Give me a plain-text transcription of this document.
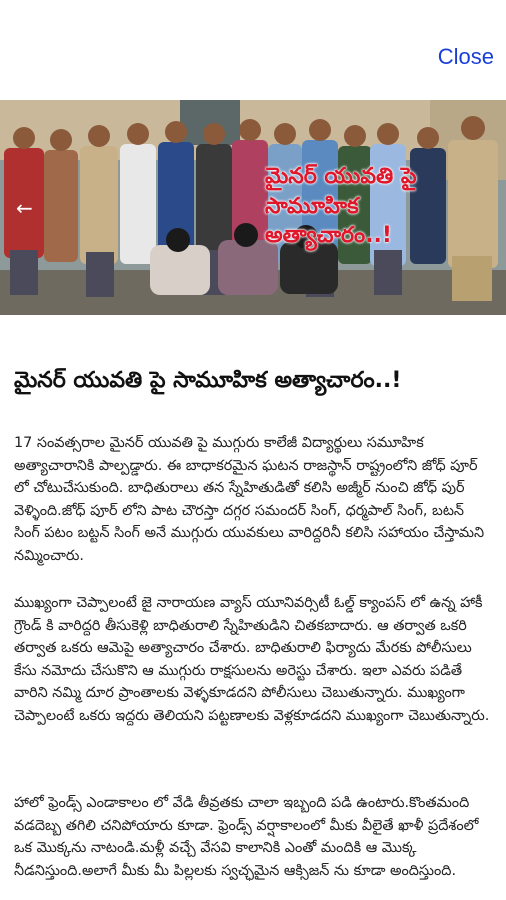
Close
←
మైనర్ యువతి పై సామూహిక అత్యాచారం..!
మైనర్ యువతి పై సామూహిక అత్యాచారం..!
17 సంవత్సరాల మైనర్ యువతి పై ముగ్గురు కాలేజీ విద్యార్థులు సమూహిక అత్యాచారానికి పాల్పడ్డారు. ఈ బాధాకరమైన ఘటన రాజస్థాన్ రాష్ట్రంలోని జోధ్ పూర్ లో చోటుచేసుకుంది. బాధితురాలు తన స్నేహితుడితో కలిసి అజ్మీర్ నుంచి జోధ్ పుర్ వెళ్ళింది.జోధ్ పూర్ లోని పాట చౌరస్తా దగ్గర సమందర్ సింగ్, ధర్మపాల్ సింగ్, బటన్ సింగ్ పటం బట్టన్ సింగ్ అనే ముగ్గురు యువకులు వారిద్దరినీ కలిసి సహాయం చేస్తామని నమ్మించారు.
ముఖ్యంగా చెప్పాలంటే జై నారాయణ వ్యాస్ యూనివర్సిటీ ఓల్డ్ క్యాంపస్ లో ఉన్న హాకీ గ్రౌండ్ కి వారిద్దరి తీసుకెళ్లి బాధితురాలి స్నేహితుడిని చితకబాదారు. ఆ తర్వాత ఒకరి తర్వాత ఒకరు ఆమెపై అత్యాచారం చేశారు. బాధితురాలి ఫిర్యాదు మేరకు పోలీసులు కేసు నమోదు చేసుకొని ఆ ముగ్గురు రాక్షసులను అరెస్టు చేశారు. ఇలా ఎవరు పడితే వారిని నమ్మి దూర ప్రాంతాలకు వెళ్ళకూడదని పోలీసులు చెబుతున్నారు. ముఖ్యంగా చెప్పాలంటే ఒకరు ఇద్దరు తెలియని పట్టణాలకు వెళ్లకూడదని ముఖ్యంగా చెబుతున్నారు.
హాలో ఫ్రెండ్స్ ఎండాకాలం లో వేడి తీవ్రతకు చాలా ఇబ్బంది పడి ఉంటారు.కొంతమంది వడదెబ్బ తగిలి చనిపోయారు కూడా. ఫ్రెండ్స్ వర్షాకాలంలో మీకు వీలైతే ఖాళీ ప్రదేశంలో ఒక మొక్కను నాటండి.మళ్లీ వచ్చే వేసవి కాలానికి ఎంతో మందికి ఆ మొక్క నీడనిస్తుంది.అలాగే మీకు మీ పిల్లలకు స్వచ్ఛమైన ఆక్సిజన్ ను కూడా అందిస్తుంది.
